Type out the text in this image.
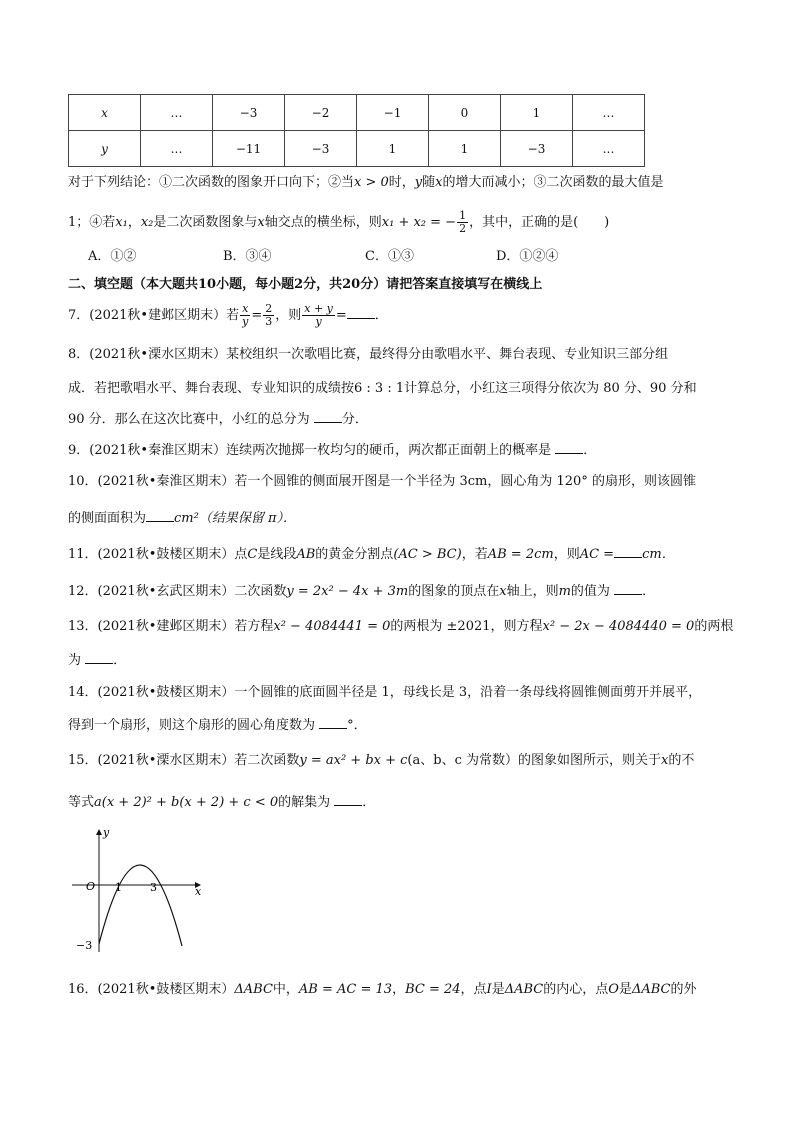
x	…	−3	−2	−1	0	1	…
y	…	−11	−3	1	1	−3	…
对于下列结论：①二次函数的图象开口向下；②当x > 0时，y随x的增大而减小；③二次函数的最大值是
1；④若x₁，x₂是二次函数图象与x轴交点的横坐标，则x₁ + x₂ = − $\frac{1}{2}$ ，其中，正确的是(　　)
A．①②	B．③④	C．①③	D．①②④
二、填空题（本大题共10小题，每小题2分，共20分）请把答案直接填写在横线上
7．(2021秋•建邺区期末）若 $\frac{x}{y} = \frac{2}{3}$ ，则 $\frac{x + y}{y}$ = ．
8．(2021秋•溧水区期末）某校组织一次歌唱比赛，最终得分由歌唱水平、舞台表现、专业知识三部分组
成．若把歌唱水平、舞台表现、专业知识的成绩按6 : 3 : 1计算总分，小红这三项得分依次为 80 分、90 分和
90 分．那么在这次比赛中，小红的总分为 分．
9．(2021秋•秦淮区期末）连续两次抛掷一枚均匀的硬币，两次都正面朝上的概率是 ．
10．(2021秋•秦淮区期末）若一个圆锥的侧面展开图是一个半径为 3cm，圆心角为 120° 的扇形，则该圆锥
的侧面面积为 cm²（结果保留 π）．
11．(2021秋•鼓楼区期末）点C是线段AB的黄金分割点(AC > BC)，若AB = 2cm，则AC = cm．
12．(2021秋•玄武区期末）二次函数y = 2x² − 4x + 3m的图象的顶点在x轴上，则m的值为 ．
13．(2021秋•建邺区期末）若方程x² − 4084441 = 0的两根为 ±2021，则方程x² − 2x − 4084440 = 0的两根
为 ．
14．(2021秋•鼓楼区期末）一个圆锥的底面圆半径是 1，母线长是 3，沿着一条母线将圆锥侧面剪开并展平，
得到一个扇形，则这个扇形的圆心角度数为 °．
15．(2021秋•溧水区期末）若二次函数y = ax² + bx + c(a、b、c 为常数）的图象如图所示，则关于x的不
等式a(x + 2)² + b(x + 2) + c < 0的解集为 ．
x
y
O 1	3
−3
16．(2021秋•鼓楼区期末）ΔABC中，AB = AC = 13，BC = 24，点I是ΔABC的内心，点O是ΔABC的外
